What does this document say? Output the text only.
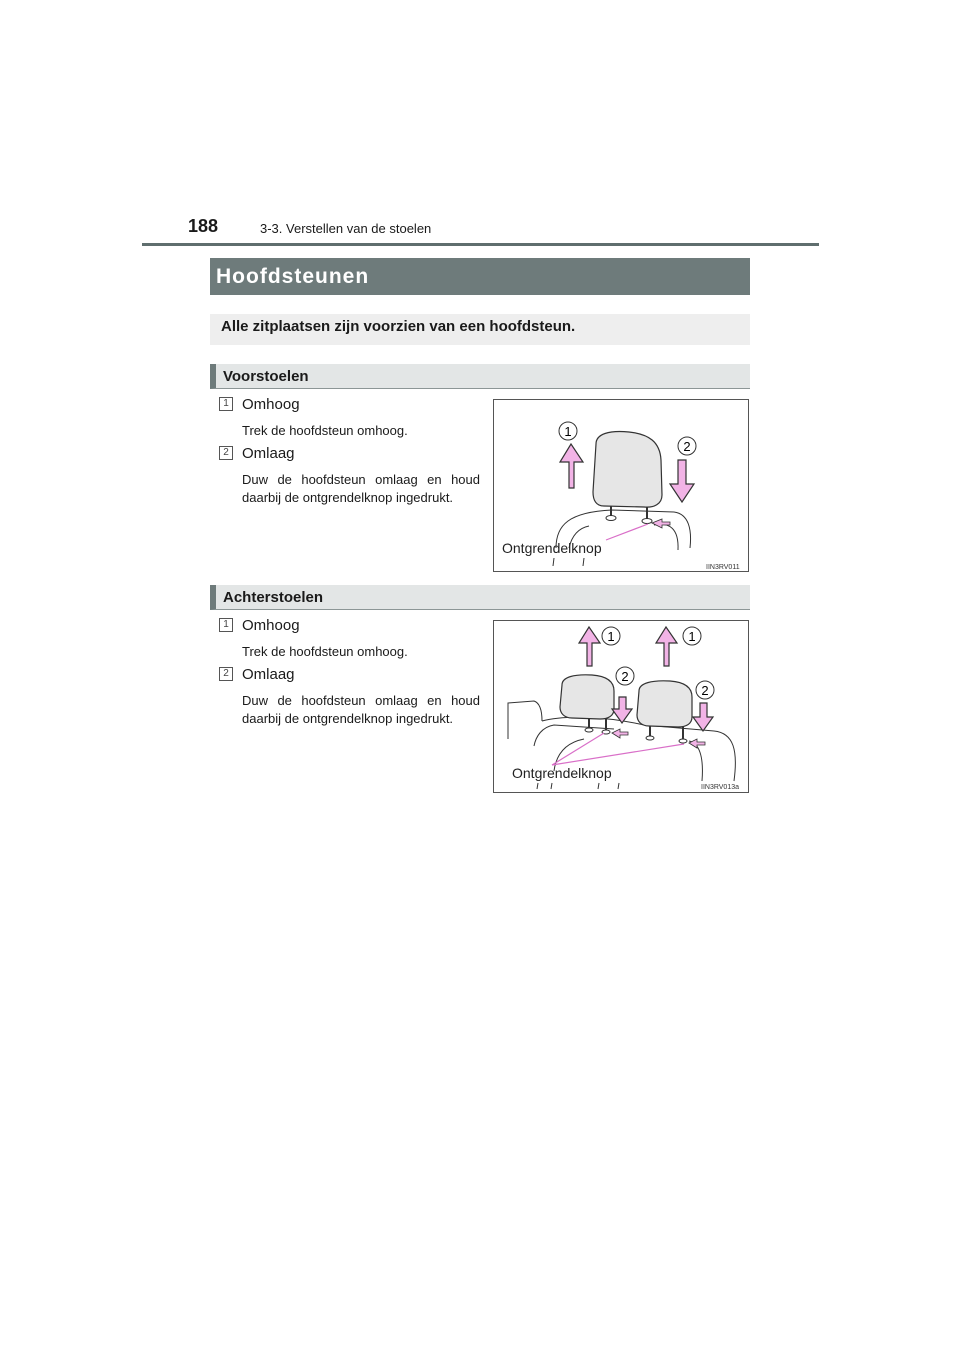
188	3-3. Verstellen van de stoelen
Hoofdsteunen
Alle zitplaatsen zijn voorzien van een hoofdsteun.
Voorstoelen
1 Omhoog
Trek de hoofdsteun omhoog.
2 Omlaag
Duw de hoofdsteun omlaag en houd daarbij de ontgrendelknop ingedrukt.
1
2
Ontgrendelknop
IIN3RV011
Achterstoelen
1 Omhoog
Trek de hoofdsteun omhoog.
2 Omlaag
Duw de hoofdsteun omlaag en houd daarbij de ontgrendelknop ingedrukt.
1	1
2
2
Ontgrendelknop
IIN3RV013a
